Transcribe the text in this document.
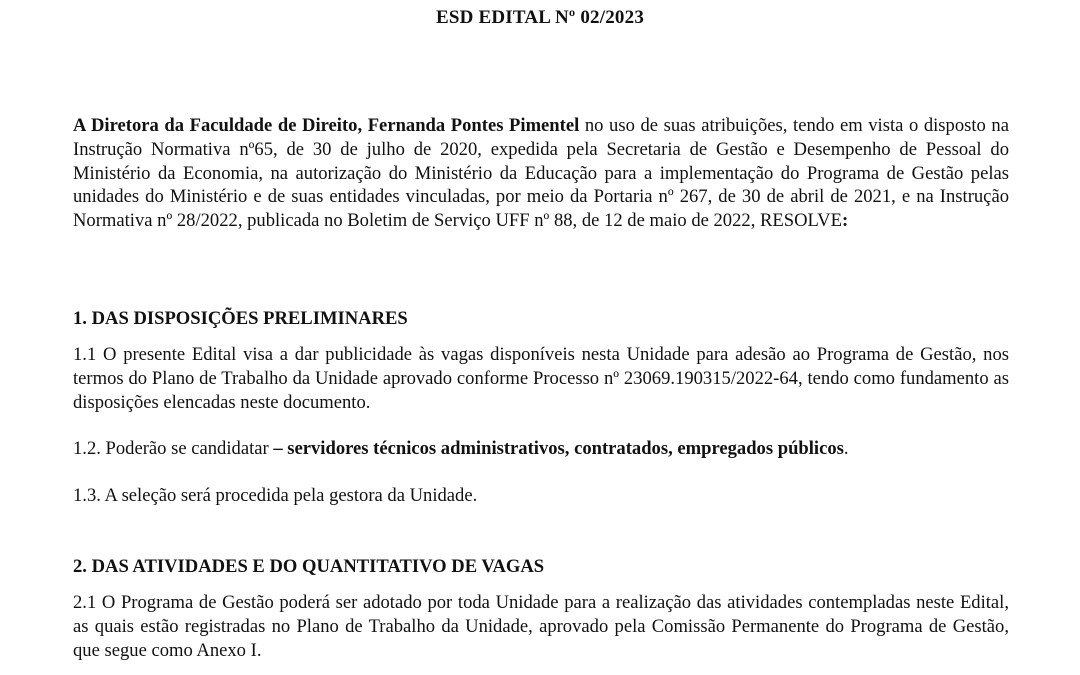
ESD EDITAL Nº 02/2023
A Diretora da Faculdade de Direito, Fernanda Pontes Pimentel no uso de suas atribuições, tendo em vista o disposto na Instrução Normativa nº65, de 30 de julho de 2020, expedida pela Secretaria de Gestão e Desempenho de Pessoal do Ministério da Economia, na autorização do Ministério da Educação para a implementação do Programa de Gestão pelas unidades do Ministério e de suas entidades vinculadas, por meio da Portaria nº 267, de 30 de abril de 2021, e na Instrução Normativa nº 28/2022, publicada no Boletim de Serviço UFF nº 88, de 12 de maio de 2022, RESOLVE:
1. DAS DISPOSIÇÕES PRELIMINARES
1.1 O presente Edital visa a dar publicidade às vagas disponíveis nesta Unidade para adesão ao Programa de Gestão, nos termos do Plano de Trabalho da Unidade aprovado conforme Processo nº 23069.190315/2022-64, tendo como fundamento as disposições elencadas neste documento.
1.2. Poderão se candidatar – servidores técnicos administrativos, contratados, empregados públicos.
1.3. A seleção será procedida pela gestora da Unidade.
2. DAS ATIVIDADES E DO QUANTITATIVO DE VAGAS
2.1 O Programa de Gestão poderá ser adotado por toda Unidade para a realização das atividades contempladas neste Edital, as quais estão registradas no Plano de Trabalho da Unidade, aprovado pela Comissão Permanente do Programa de Gestão, que segue como Anexo I.
